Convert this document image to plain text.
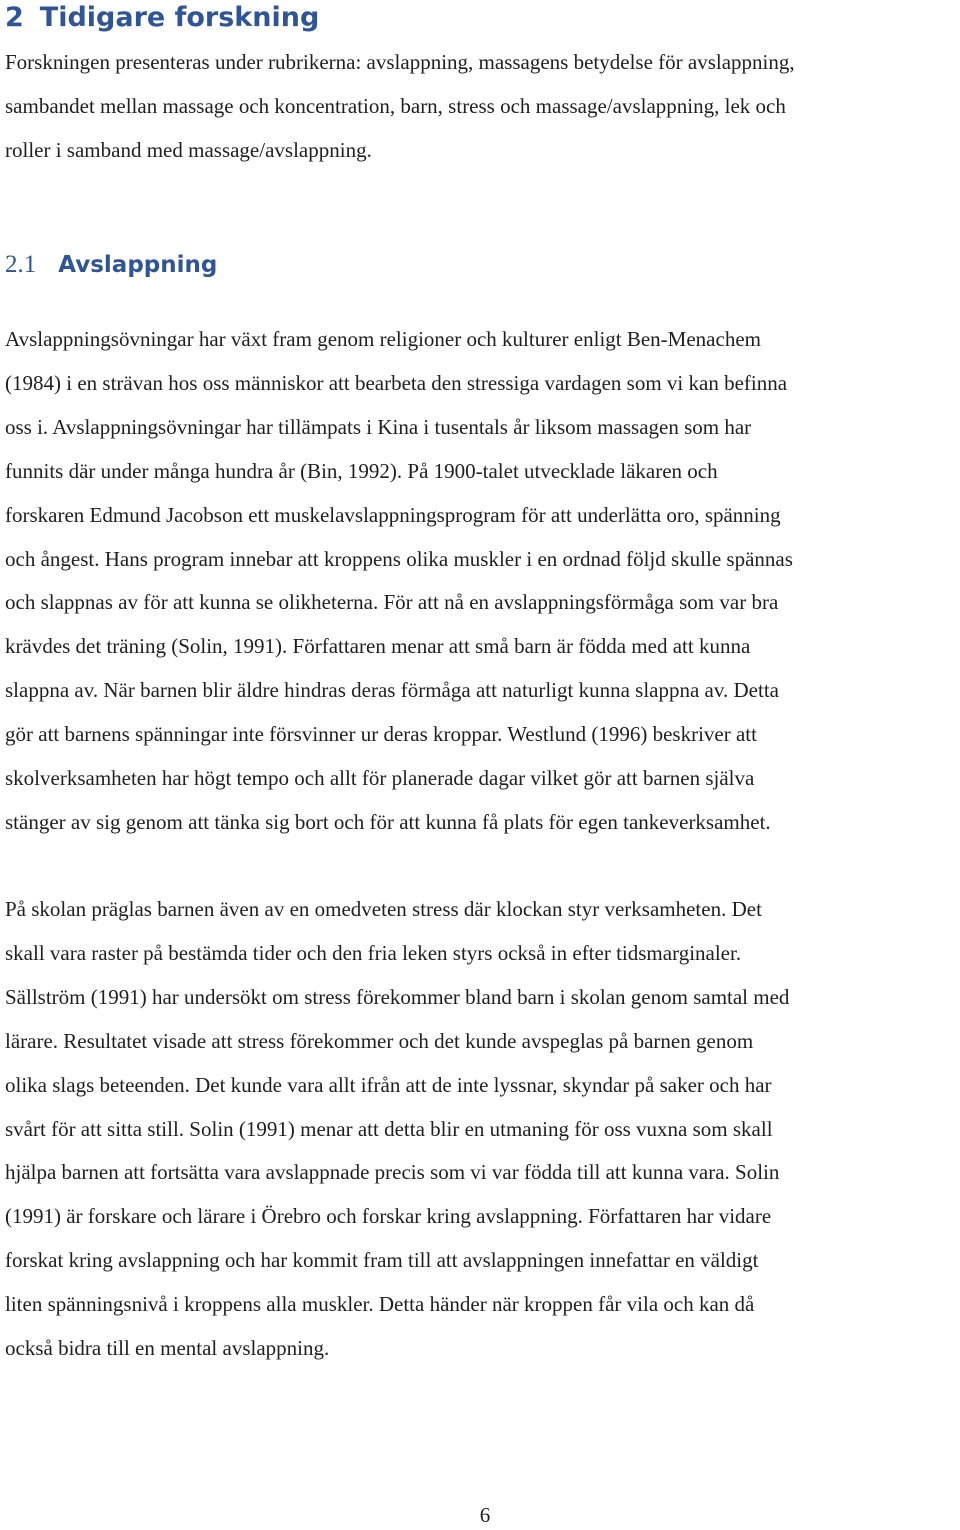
2 Tidigare forskning

Forskningen presenteras under rubrikerna: avslappning, massagens betydelse för avslappning,
sambandet mellan massage och koncentration, barn, stress och massage/avslappning, lek och
roller i samband med massage/avslappning.

2.1 Avslappning

Avslappningsövningar har växt fram genom religioner och kulturer enligt Ben-Menachem
(1984) i en strävan hos oss människor att bearbeta den stressiga vardagen som vi kan befinna
oss i. Avslappningsövningar har tillämpats i Kina i tusentals år liksom massagen som har
funnits där under många hundra år (Bin, 1992). På 1900-talet utvecklade läkaren och
forskaren Edmund Jacobson ett muskelavslappningsprogram för att underlätta oro, spänning
och ångest. Hans program innebar att kroppens olika muskler i en ordnad följd skulle spännas
och slappnas av för att kunna se olikheterna. För att nå en avslappningsförmåga som var bra
krävdes det träning (Solin, 1991). Författaren menar att små barn är födda med att kunna
slappna av. När barnen blir äldre hindras deras förmåga att naturligt kunna slappna av. Detta
gör att barnens spänningar inte försvinner ur deras kroppar. Westlund (1996) beskriver att
skolverksamheten har högt tempo och allt för planerade dagar vilket gör att barnen själva
stänger av sig genom att tänka sig bort och för att kunna få plats för egen tankeverksamhet.

På skolan präglas barnen även av en omedveten stress där klockan styr verksamheten. Det
skall vara raster på bestämda tider och den fria leken styrs också in efter tidsmarginaler.
Sällström (1991) har undersökt om stress förekommer bland barn i skolan genom samtal med
lärare. Resultatet visade att stress förekommer och det kunde avspeglas på barnen genom
olika slags beteenden. Det kunde vara allt ifrån att de inte lyssnar, skyndar på saker och har
svårt för att sitta still. Solin (1991) menar att detta blir en utmaning för oss vuxna som skall
hjälpa barnen att fortsätta vara avslappnade precis som vi var födda till att kunna vara. Solin
(1991) är forskare och lärare i Örebro och forskar kring avslappning. Författaren har vidare
forskat kring avslappning och har kommit fram till att avslappningen innefattar en väldigt
liten spänningsnivå i kroppens alla muskler. Detta händer när kroppen får vila och kan då
också bidra till en mental avslappning.

6
